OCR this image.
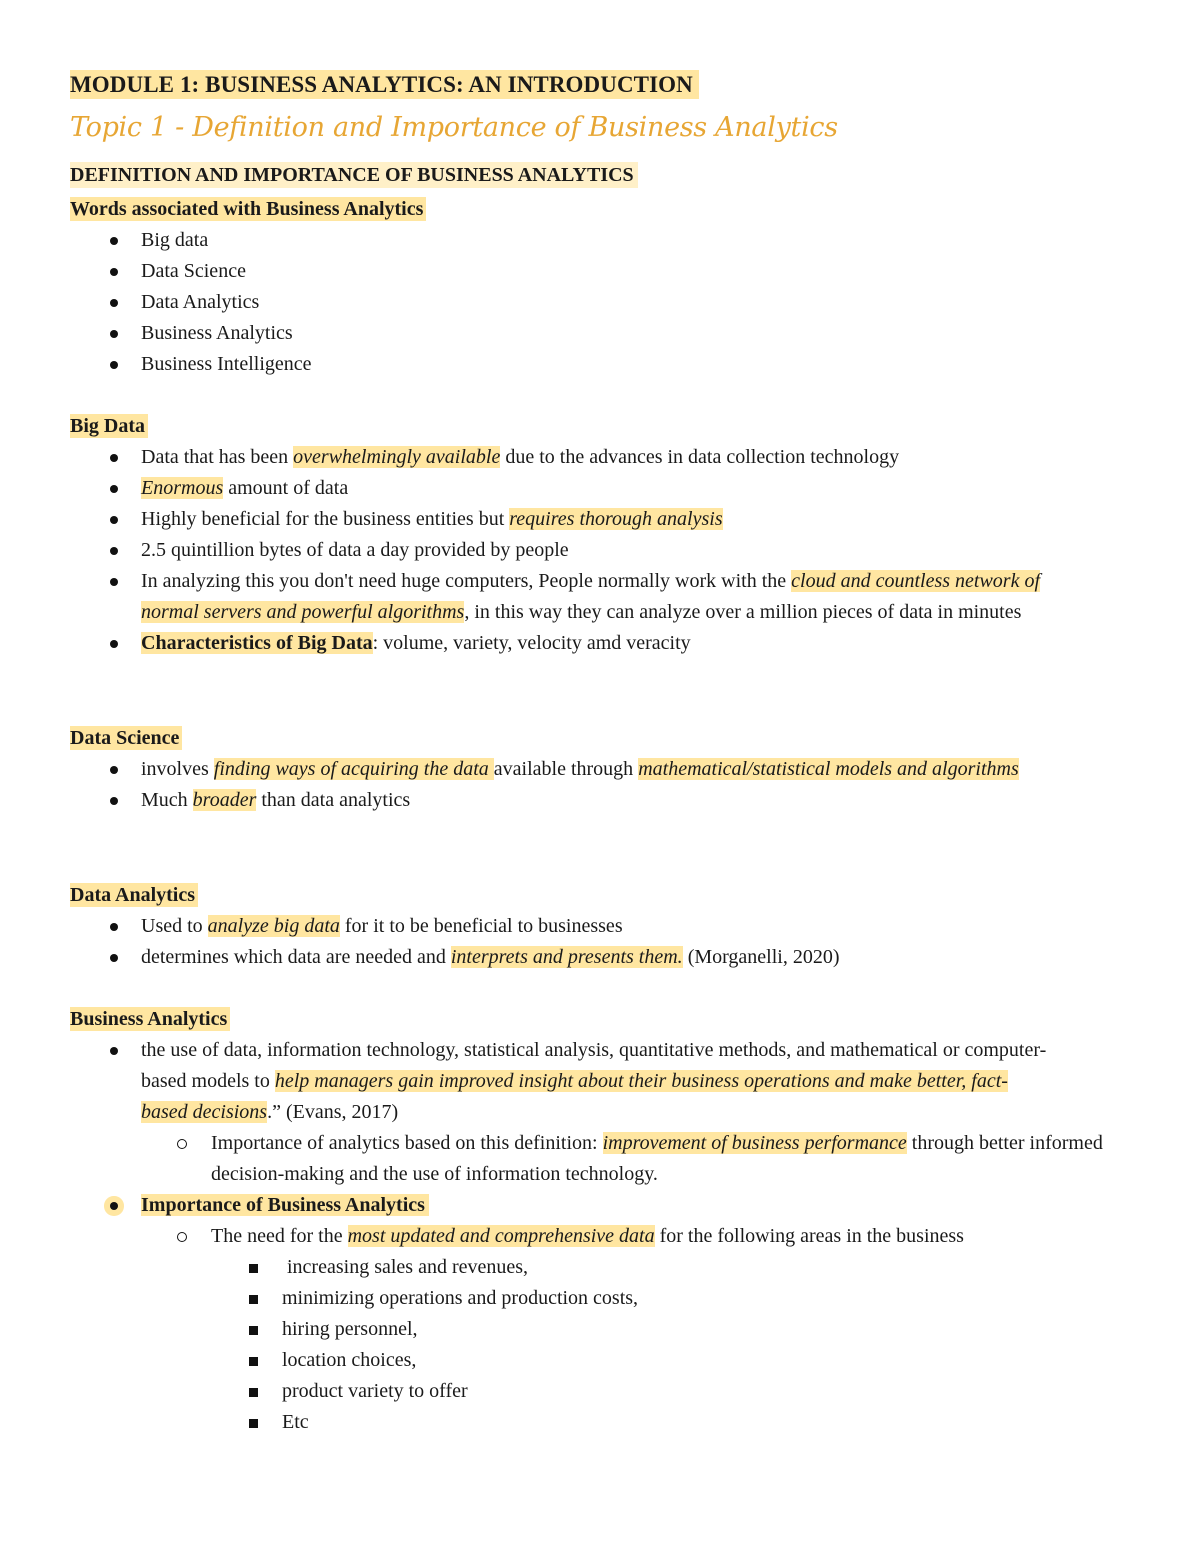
MODULE 1: BUSINESS ANALYTICS: AN INTRODUCTION
Topic 1 - Definition and Importance of Business Analytics
DEFINITION AND IMPORTANCE OF BUSINESS ANALYTICS
Words associated with Business Analytics
Big data
Data Science
Data Analytics
Business Analytics
Business Intelligence
Big Data
Data that has been overwhelmingly available due to the advances in data collection technology
Enormous amount of data
Highly beneficial for the business entities but requires thorough analysis
2.5 quintillion bytes of data a day provided by people
In analyzing this you don't need huge computers, People normally work with the cloud and countless network of normal servers and powerful algorithms, in this way they can analyze over a million pieces of data in minutes
Characteristics of Big Data: volume, variety, velocity amd veracity
Data Science
involves finding ways of acquiring the data available through mathematical/statistical models and algorithms
Much broader than data analytics
Data Analytics
Used to analyze big data for it to be beneficial to businesses
determines which data are needed and interprets and presents them. (Morganelli, 2020)
Business Analytics
the use of data, information technology, statistical analysis, quantitative methods, and mathematical or computer-based models to help managers gain improved insight about their business operations and make better, fact-based decisions.” (Evans, 2017)
Importance of analytics based on this definition: improvement of business performance through better informed decision-making and the use of information technology.
Importance of Business Analytics
The need for the most updated and comprehensive data for the following areas in the business
increasing sales and revenues,
minimizing operations and production costs,
hiring personnel,
location choices,
product variety to offer
Etc
